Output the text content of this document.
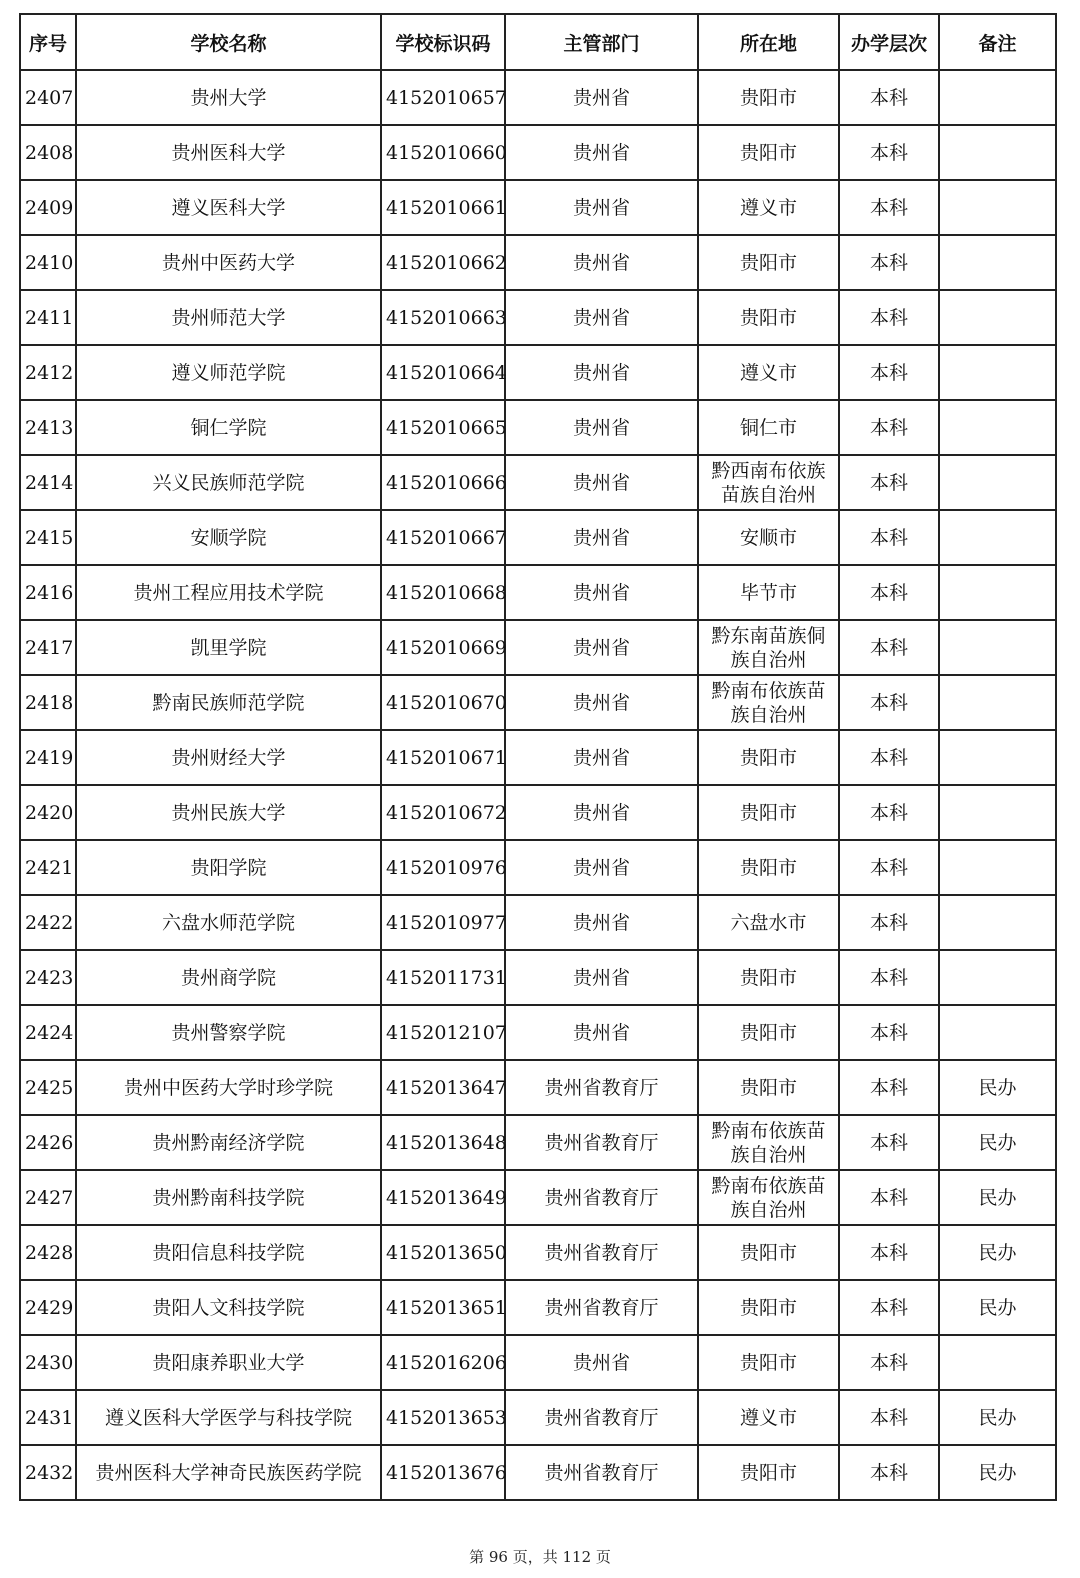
序号	学校名称	学校标识码	主管部门	所在地	办学层次	备注
2407	贵州大学	4152010657	贵州省	贵阳市	本科	
2408	贵州医科大学	4152010660	贵州省	贵阳市	本科	
2409	遵义医科大学	4152010661	贵州省	遵义市	本科	
2410	贵州中医药大学	4152010662	贵州省	贵阳市	本科	
2411	贵州师范大学	4152010663	贵州省	贵阳市	本科	
2412	遵义师范学院	4152010664	贵州省	遵义市	本科	
2413	铜仁学院	4152010665	贵州省	铜仁市	本科	
2414	兴义民族师范学院	4152010666	贵州省	黔西南布依族苗族自治州	本科	
2415	安顺学院	4152010667	贵州省	安顺市	本科	
2416	贵州工程应用技术学院	4152010668	贵州省	毕节市	本科	
2417	凯里学院	4152010669	贵州省	黔东南苗族侗族自治州	本科	
2418	黔南民族师范学院	4152010670	贵州省	黔南布依族苗族自治州	本科	
2419	贵州财经大学	4152010671	贵州省	贵阳市	本科	
2420	贵州民族大学	4152010672	贵州省	贵阳市	本科	
2421	贵阳学院	4152010976	贵州省	贵阳市	本科	
2422	六盘水师范学院	4152010977	贵州省	六盘水市	本科	
2423	贵州商学院	4152011731	贵州省	贵阳市	本科	
2424	贵州警察学院	4152012107	贵州省	贵阳市	本科	
2425	贵州中医药大学时珍学院	4152013647	贵州省教育厅	贵阳市	本科	民办
2426	贵州黔南经济学院	4152013648	贵州省教育厅	黔南布依族苗族自治州	本科	民办
2427	贵州黔南科技学院	4152013649	贵州省教育厅	黔南布依族苗族自治州	本科	民办
2428	贵阳信息科技学院	4152013650	贵州省教育厅	贵阳市	本科	民办
2429	贵阳人文科技学院	4152013651	贵州省教育厅	贵阳市	本科	民办
2430	贵阳康养职业大学	4152016206	贵州省	贵阳市	本科	
2431	遵义医科大学医学与科技学院	4152013653	贵州省教育厅	遵义市	本科	民办
2432	贵州医科大学神奇民族医药学院	4152013676	贵州省教育厅	贵阳市	本科	民办
第 96 页，共 112 页
